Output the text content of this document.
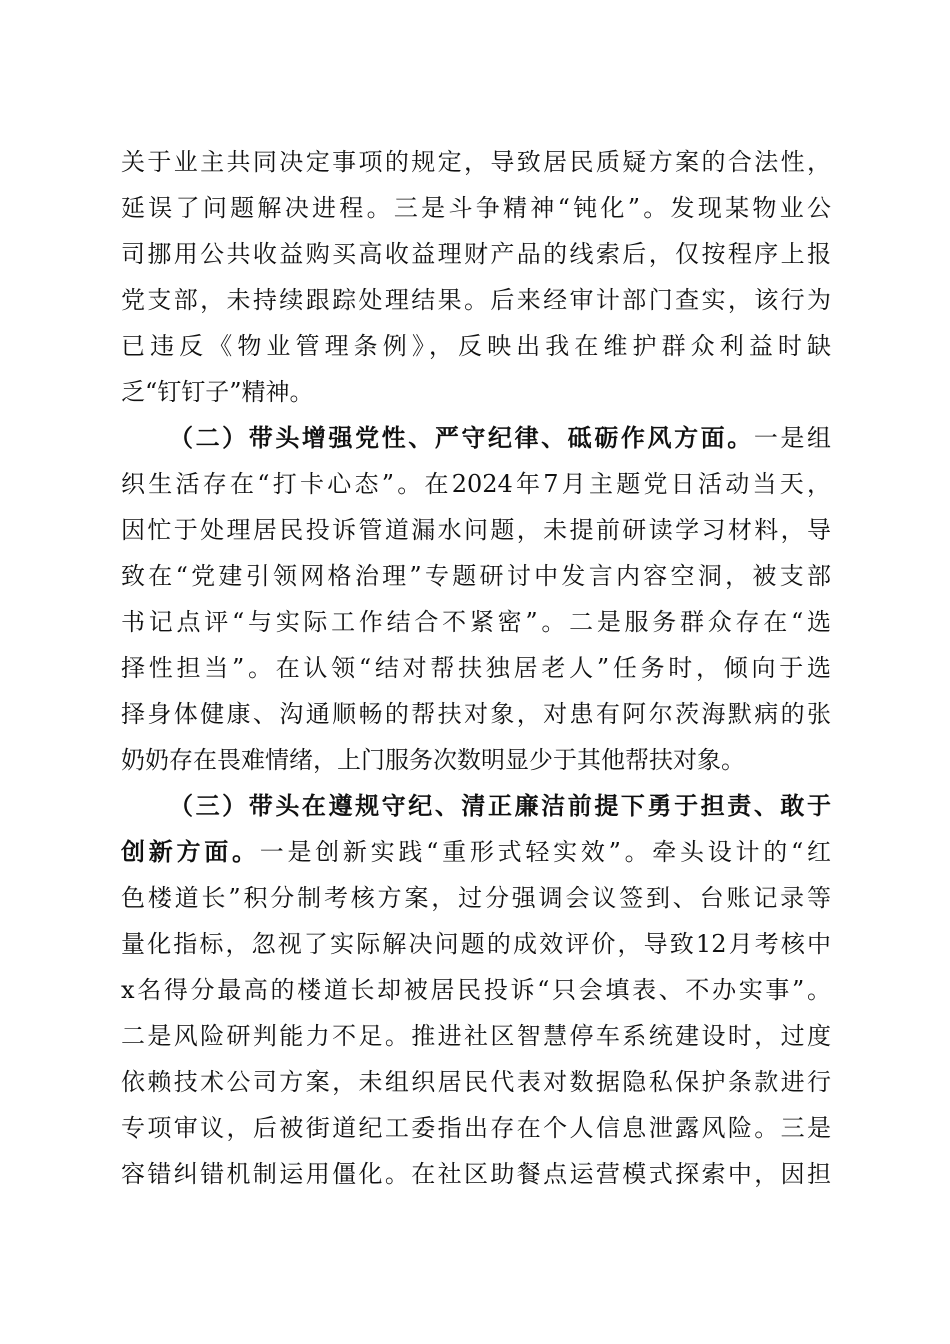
关于业主共同决定事项的规定，导致居民质疑方案的合法性，
延误了问题解决进程。三是斗争精神“钝化”。发现某物业公
司挪用公共收益购买高收益理财产品的线索后，仅按程序上报
党支部，未持续跟踪处理结果。后来经审计部门查实，该行为
已违反《物业管理条例》，反映出我在维护群众利益时缺
乏“钉钉子”精神。
（二）带头增强党性、严守纪律、砥砺作风方面。一是组
织生活存在“打卡心态”。在2024年7月主题党日活动当天，
因忙于处理居民投诉管道漏水问题，未提前研读学习材料，导
致在“党建引领网格治理”专题研讨中发言内容空洞，被支部
书记点评“与实际工作结合不紧密”。二是服务群众存在“选
择性担当”。在认领“结对帮扶独居老人”任务时，倾向于选
择身体健康、沟通顺畅的帮扶对象，对患有阿尔茨海默病的张
奶奶存在畏难情绪，上门服务次数明显少于其他帮扶对象。
（三）带头在遵规守纪、清正廉洁前提下勇于担责、敢于
创新方面。一是创新实践“重形式轻实效”。牵头设计的“红
色楼道长”积分制考核方案，过分强调会议签到、台账记录等
量化指标，忽视了实际解决问题的成效评价，导致12月考核中
x名得分最高的楼道长却被居民投诉“只会填表、不办实事”。
二是风险研判能力不足。推进社区智慧停车系统建设时，过度
依赖技术公司方案，未组织居民代表对数据隐私保护条款进行
专项审议，后被街道纪工委指出存在个人信息泄露风险。三是
容错纠错机制运用僵化。在社区助餐点运营模式探索中，因担
